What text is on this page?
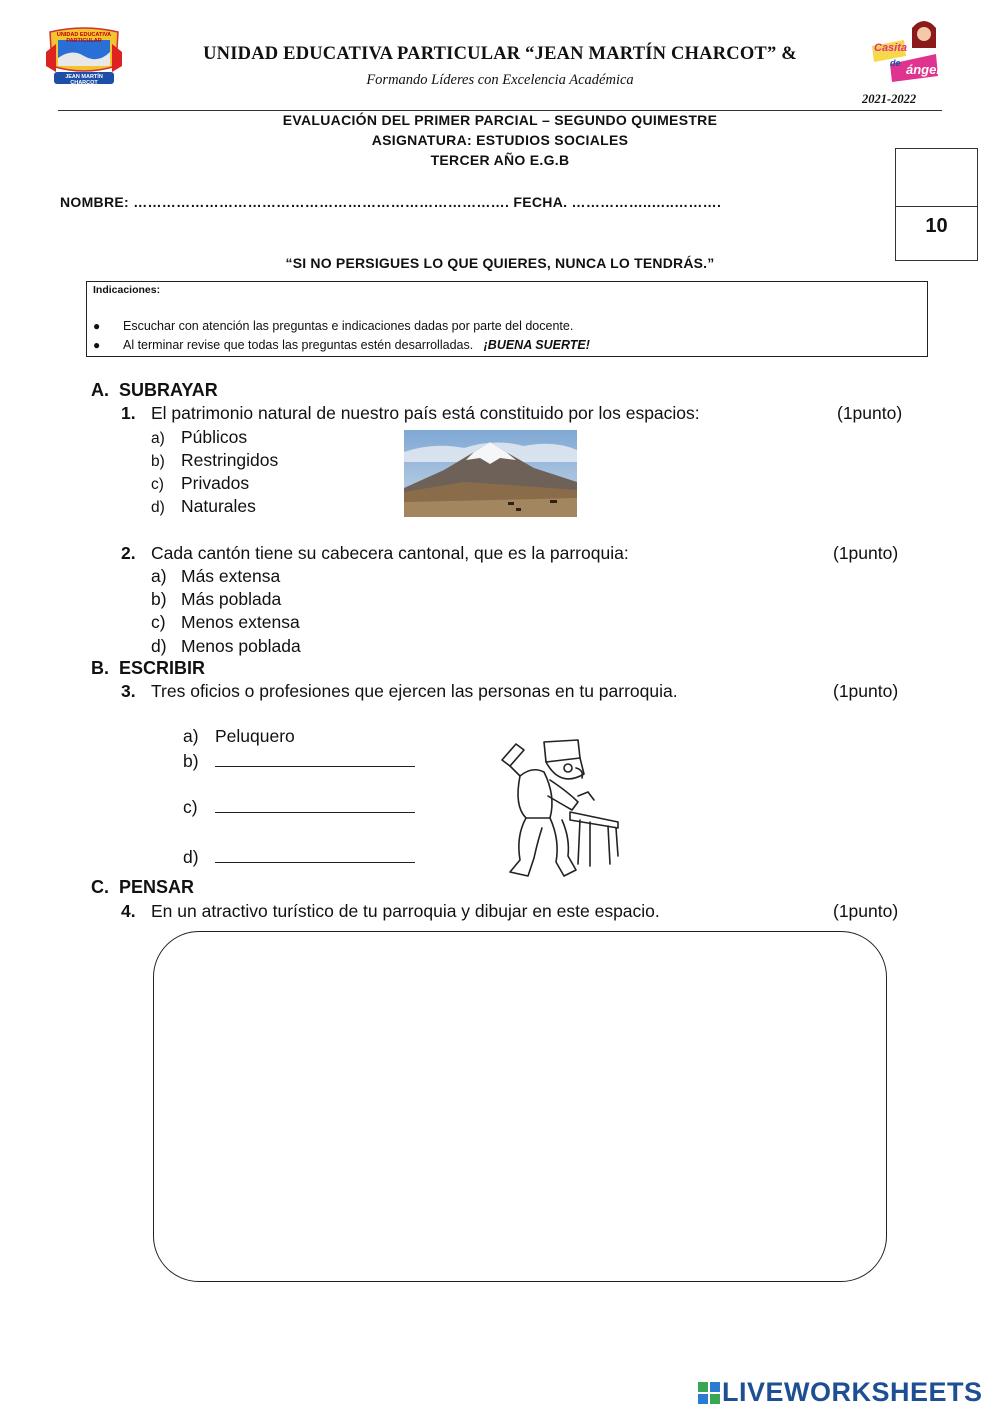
UNIDAD EDUCATIVA PARTICULAR
JEAN MARTÍN CHARCOT
UNIDAD EDUCATIVA PARTICULAR “JEAN MARTÍN CHARCOT” &
Formando Líderes con Excelencia Académica
Casita
de ángel
2021-2022
EVALUACIÓN DEL PRIMER PARCIAL – SEGUNDO QUIMESTRE
ASIGNATURA: ESTUDIOS SOCIALES
TERCER AÑO E.G.B
NOMBRE: ……………………………………………………………………. FECHA. ……………..…..……….
10
“SI NO PERSIGUES LO QUE QUIERES, NUNCA LO TENDRÁS.”
Indicaciones:
● Escuchar con atención las preguntas e indicaciones dadas por parte del docente.
● Al terminar revise que todas las preguntas estén desarrolladas. ¡BUENA SUERTE!
A. SUBRAYAR
1. El patrimonio natural de nuestro país está constituido por los espacios:	(1punto)
a) Públicos
b) Restringidos
c) Privados
d) Naturales
2. Cada cantón tiene su cabecera cantonal, que es la parroquia:	(1punto)
a) Más extensa
b) Más poblada
c) Menos extensa
d) Menos poblada
B. ESCRIBIR
3. Tres oficios o profesiones que ejercen las personas en tu parroquia.	(1punto)
a) Peluquero
b)
c)
d)
C. PENSAR
4. En un atractivo turístico de tu parroquia y dibujar en este espacio.	(1punto)
LIVEWORKSHEETS
